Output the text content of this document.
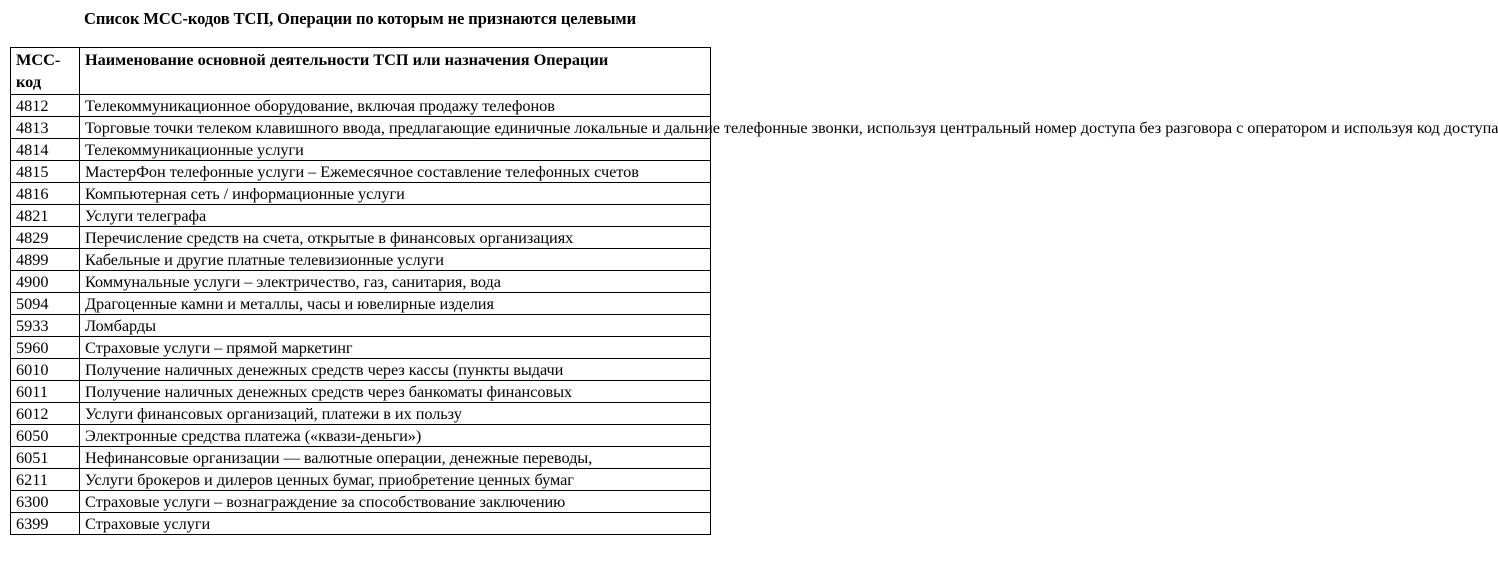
Список МСС-кодов ТСП, Операции по которым не признаются целевыми
МСС-код	Наименование основной деятельности ТСП или назначения Операции
4812	Телекоммуникационное оборудование, включая продажу телефонов
4813	Торговые точки телеком клавишного ввода, предлагающие единичные локальные и дальние телефонные звонки, используя центральный номер доступа без разговора с оператором и используя код доступа
4814	Телекоммуникационные услуги
4815	МастерФон телефонные услуги – Ежемесячное составление телефонных счетов
4816	Компьютерная сеть / информационные услуги
4821	Услуги телеграфа
4829	Перечисление средств на счета, открытые в финансовых организациях
4899	Кабельные и другие платные телевизионные услуги
4900	Коммунальные услуги – электричество, газ, санитария, вода
5094	Драгоценные камни и металлы, часы и ювелирные изделия
5933	Ломбарды
5960	Страховые услуги – прямой маркетинг
6010	Получение наличных денежных средств через кассы (пункты выдачи
6011	Получение наличных денежных средств через банкоматы финансовых
6012	Услуги финансовых организаций, платежи в их пользу
6050	Электронные средства платежа («квази-деньги»)
6051	Нефинансовые организации — валютные операции, денежные переводы,
6211	Услуги брокеров и дилеров ценных бумаг, приобретение ценных бумаг
6300	Страховые услуги – вознаграждение за способствование заключению
6399	Страховые услуги
